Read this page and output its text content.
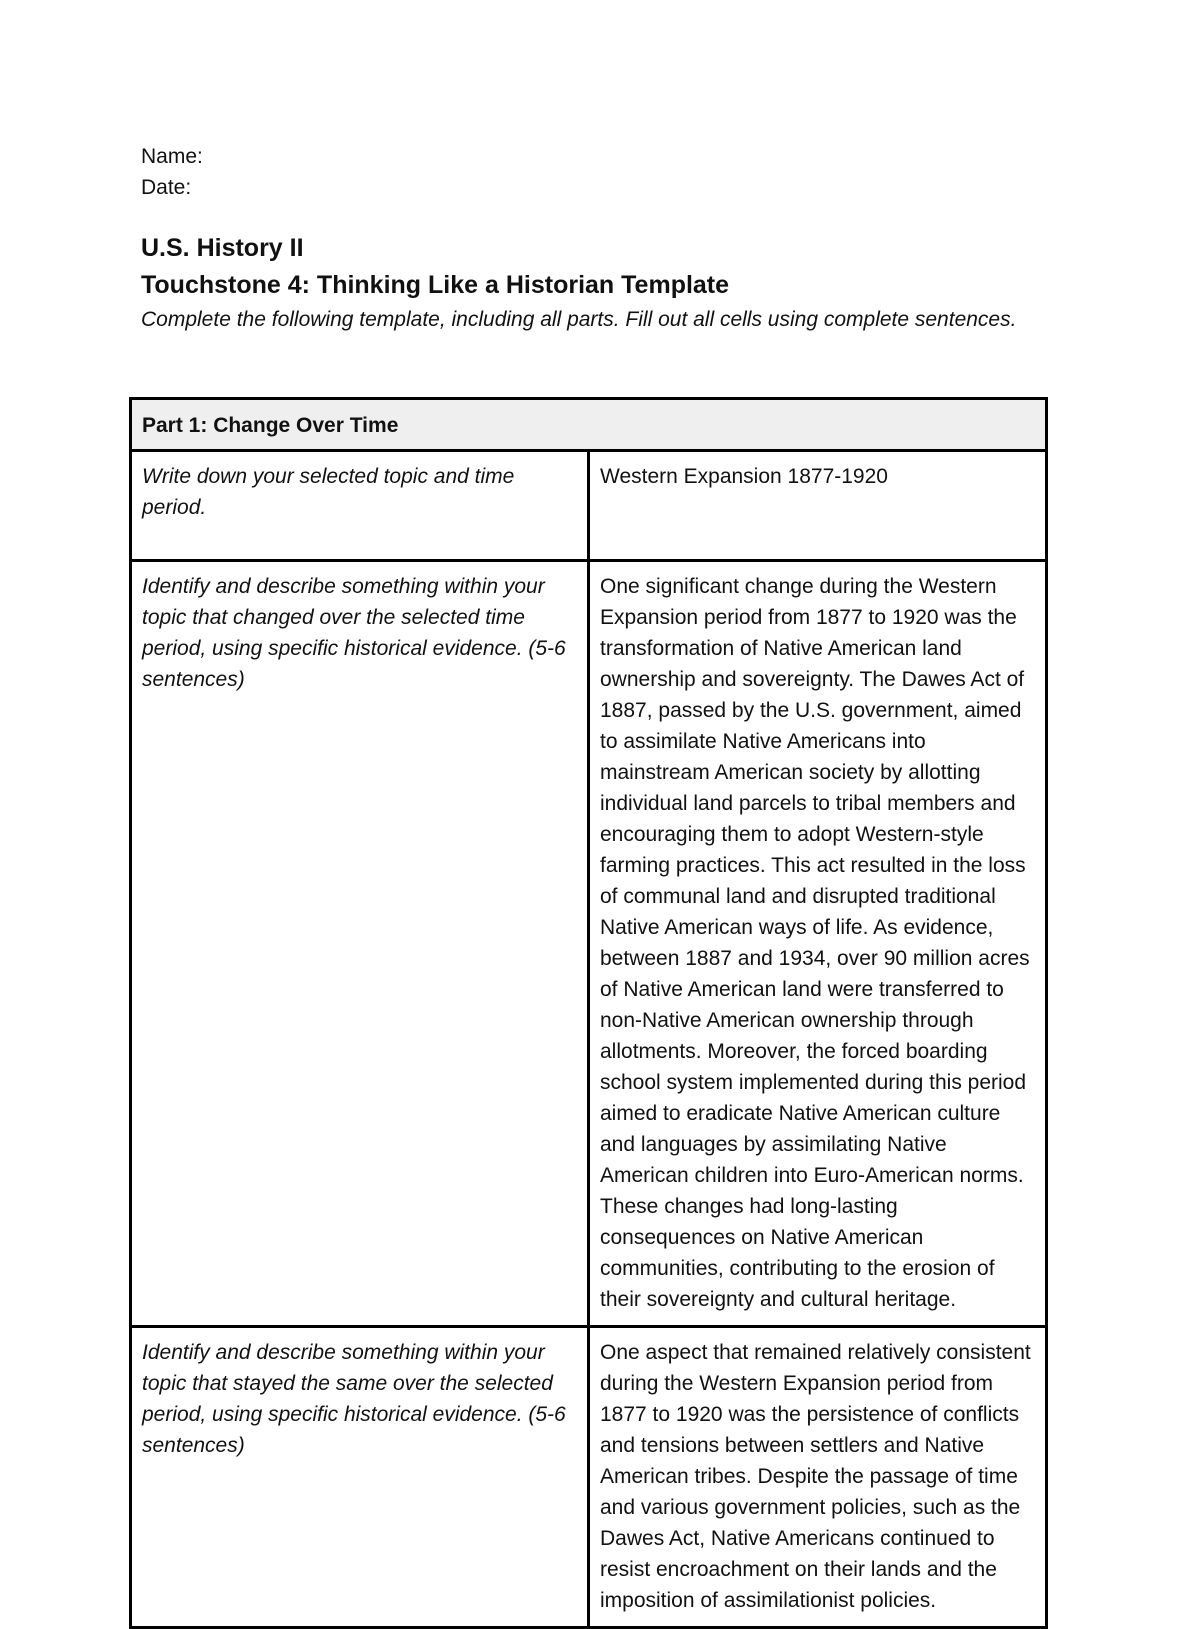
Name:
Date:
U.S. History II
Touchstone 4: Thinking Like a Historian Template
Complete the following template, including all parts. Fill out all cells using complete sentences.
Part 1: Change Over Time	
Write down your selected topic and time period.	Western Expansion 1877-1920
Identify and describe something within your topic that changed over the selected time period, using specific historical evidence. (5-6 sentences)	One significant change during the Western Expansion period from 1877 to 1920 was the transformation of Native American land ownership and sovereignty. The Dawes Act of 1887, passed by the U.S. government, aimed to assimilate Native Americans into mainstream American society by allotting individual land parcels to tribal members and encouraging them to adopt Western-style farming practices. This act resulted in the loss of communal land and disrupted traditional Native American ways of life. As evidence, between 1887 and 1934, over 90 million acres of Native American land were transferred to non-Native American ownership through allotments. Moreover, the forced boarding school system implemented during this period aimed to eradicate Native American culture and languages by assimilating Native American children into Euro-American norms. These changes had long-lasting consequences on Native American communities, contributing to the erosion of their sovereignty and cultural heritage.
Identify and describe something within your topic that stayed the same over the selected period, using specific historical evidence. (5-6 sentences)	One aspect that remained relatively consistent during the Western Expansion period from 1877 to 1920 was the persistence of conflicts and tensions between settlers and Native American tribes. Despite the passage of time and various government policies, such as the Dawes Act, Native Americans continued to resist encroachment on their lands and the imposition of assimilationist policies.
